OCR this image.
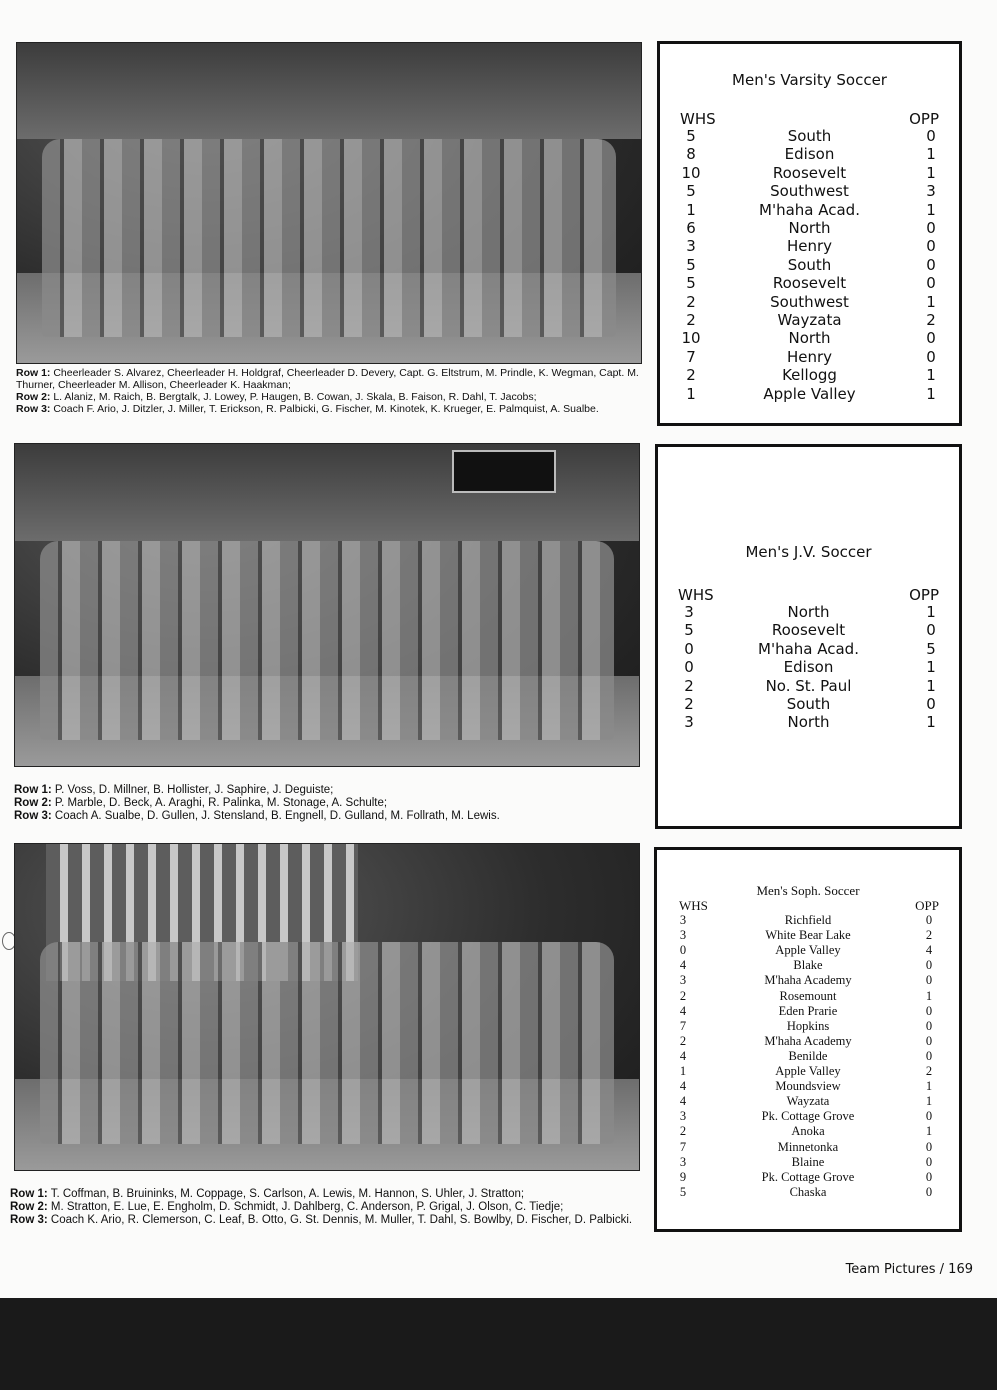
Row 1: Cheerleader S. Alvarez, Cheerleader H. Holdgraf, Cheerleader D. Devery, Capt. G. Eltstrum, M. Prindle, K. Wegman, Capt. M. Thurner, Cheerleader M. Allison, Cheerleader K. Haakman;
Row 2: L. Alaniz, M. Raich, B. Bergtalk, J. Lowey, P. Haugen, B. Cowan, J. Skala, B. Faison, R. Dahl, T. Jacobs;
Row 3: Coach F. Ario, J. Ditzler, J. Miller, T. Erickson, R. Palbicki, G. Fischer, M. Kinotek, K. Krueger, E. Palmquist, A. Sualbe.
Row 1: P. Voss, D. Millner, B. Hollister, J. Saphire, J. Deguiste;
Row 2: P. Marble, D. Beck, A. Araghi, R. Palinka, M. Stonage, A. Schulte;
Row 3: Coach A. Sualbe, D. Gullen, J. Stensland, B. Engnell, D. Gulland, M. Follrath, M. Lewis.
Row 1: T. Coffman, B. Bruininks, M. Coppage, S. Carlson, A. Lewis, M. Hannon, S. Uhler, J. Stratton;
Row 2: M. Stratton, E. Lue, E. Engholm, D. Schmidt, J. Dahlberg, C. Anderson, P. Grigal, J. Olson, C. Tiedje;
Row 3: Coach K. Ario, R. Clemerson, C. Leaf, B. Otto, G. St. Dennis, M. Muller, T. Dahl, S. Bowlby, D. Fischer, D. Palbicki.
Men's Varsity Soccer
WHS	OPP
5	South	0
8	Edison	1
10	Roosevelt	1
5	Southwest	3
1	M'haha Acad.	1
6	North	0
3	Henry	0
5	South	0
5	Roosevelt	0
2	Southwest	1
2	Wayzata	2
10	North	0
7	Henry	0
2	Kellogg	1
1	Apple Valley	1
Men's J.V. Soccer
WHS	OPP
3	North	1
5	Roosevelt	0
0	M'haha Acad.	5
0	Edison	1
2	No. St. Paul	1
2	South	0
3	North	1
Men's Soph. Soccer
WHS	OPP
3	Richfield	0
3	White Bear Lake	2
0	Apple Valley	4
4	Blake	0
3	M'haha Academy	0
2	Rosemount	1
4	Eden Prarie	0
7	Hopkins	0
2	M'haha Academy	0
4	Benilde	0
1	Apple Valley	2
4	Moundsview	1
4	Wayzata	1
3	Pk. Cottage Grove	0
2	Anoka	1
7	Minnetonka	0
3	Blaine	0
9	Pk. Cottage Grove	0
5	Chaska	0
Team Pictures / 169
